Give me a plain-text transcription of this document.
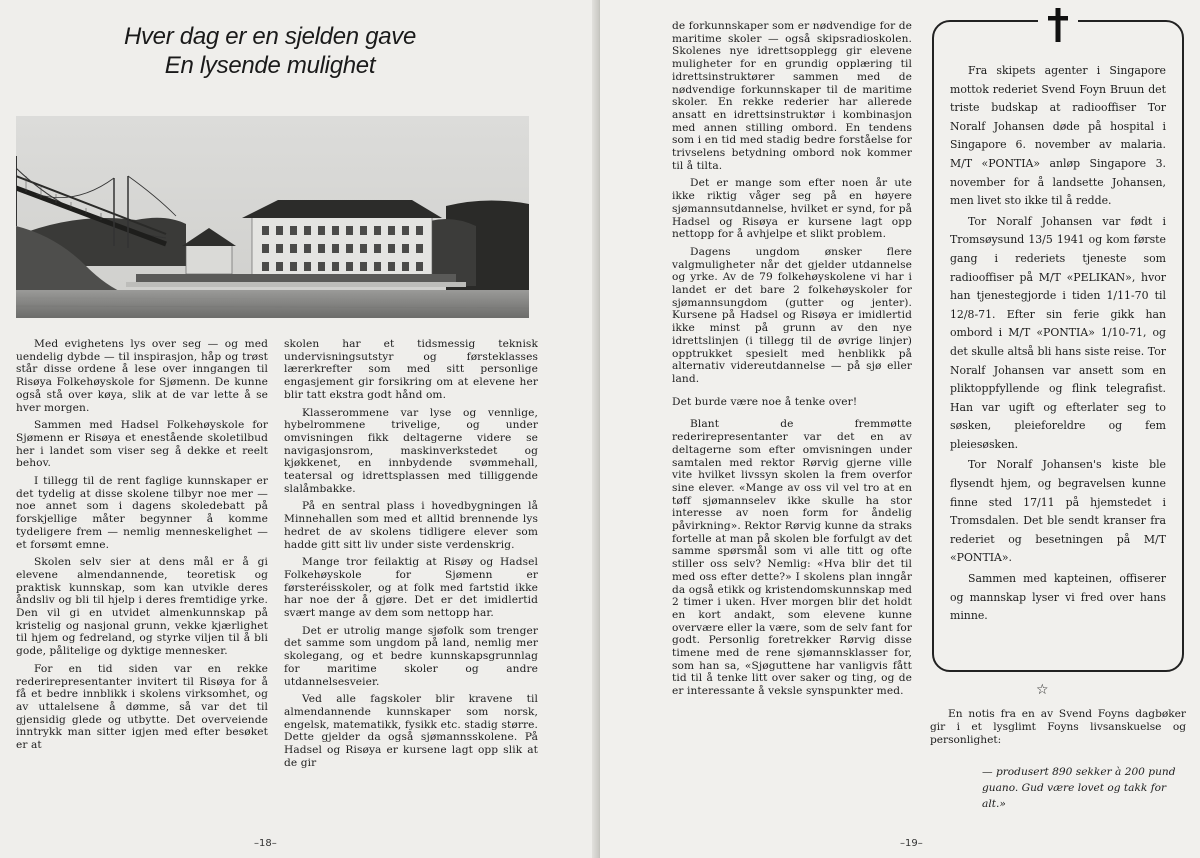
Hver dag er en sjelden gave
En lysende mulighet

Med evighetens lys over seg — og med uendelig dybde — til inspirasjon, håp og trøst står disse ordene å lese over inngangen til Risøya Folkehøyskole for Sjømenn. De kunne også stå over køya, slik at de var lette å se hver morgen.

Sammen med Hadsel Folkehøyskole for Sjømenn er Risøya et enestående skoletilbud her i landet som viser seg å dekke et reelt behov.

I tillegg til de rent faglige kunnskaper er det tydelig at disse skolene tilbyr noe mer — noe annet som i dagens skoledebatt på forskjellige måter begynner å komme tydeligere frem — nemlig menneskelighet — et forsømt emne.

Skolen selv sier at dens mål er å gi elevene almendannende, teoretisk og praktisk kunnskap, som kan utvikle deres åndsliv og bli til hjelp i deres fremtidige yrke. Den vil gi en utvidet almenkunnskap på kristelig og nasjonal grunn, vekke kjærlighet til hjem og fedreland, og styrke viljen til å bli gode, pålitelige og dyktige mennesker.

For en tid siden var en rekke rederirepresentanter invitert til Risøya for å få et bedre innblikk i skolens virksomhet, og av uttalelsene å dømme, så var det til gjensidig glede og utbytte. Det overveiende inntrykk man sitter igjen med efter besøket er at

skolen har et tidsmessig teknisk undervisningsutstyr og førsteklasses lærerkrefter som med sitt personlige engasjement gir forsikring om at elevene her blir tatt ekstra godt hånd om.

Klasserommene var lyse og vennlige, hybelrommene trivelige, og under omvisningen fikk deltagerne videre se navigasjonsrom, maskinverkstedet og kjøkkenet, en innbydende svømmehall, teatersal og idrettsplassen med tilliggende slalåmbakke.

På en sentral plass i hovedbygningen lå Minnehallen som med et alltid brennende lys hedret de av skolens tidligere elever som hadde gitt sitt liv under siste verdenskrig.

Mange tror feilaktig at Risøy og Hadsel Folkehøyskole for Sjømenn er førsteréisskoler, og at folk med fartstid ikke har noe der å gjøre. Det er det imidlertid svært mange av dem som nettopp har.

Det er utrolig mange sjøfolk som trenger det samme som ungdom på land, nemlig mer skolegang, og et bedre kunnskapsgrunnlag for maritime skoler og andre utdannelsesveier.

Ved alle fagskoler blir kravene til almendannende kunnskaper som norsk, engelsk, matematikk, fysikk etc. stadig større. Dette gjelder da også sjømannsskolene. På Hadsel og Risøya er kursene lagt opp slik at de gir

–18–	–19–

de forkunnskaper som er nødvendige for de maritime skoler — også skipsradioskolen. Skolenes nye idrettsopplegg gir elevene muligheter for en grundig opplæring til idrettsinstruktører sammen med de nødvendige forkunnskaper til de maritime skoler. En rekke rederier har allerede ansatt en idrettsinstruktør i kombinasjon med annen stilling ombord. En tendens som i en tid med stadig bedre forståelse for trivselens betydning ombord nok kommer til å tilta.

Det er mange som efter noen år ute ikke riktig våger seg på en høyere sjømannsutdannelse, hvilket er synd, for på Hadsel og Risøya er kursene lagt opp nettopp for å avhjelpe et slikt problem.

Dagens ungdom ønsker flere valgmuligheter når det gjelder utdannelse og yrke. Av de 79 folkehøyskolene vi har i landet er det bare 2 folkehøyskoler for sjømannsungdom (gutter og jenter). Kursene på Hadsel og Risøya er imidlertid ikke minst på grunn av den nye idrettslinjen (i tillegg til de øvrige linjer) opptrukket spesielt med henblikk på alternativ videreutdannelse — på sjø eller land.

Det burde være noe å tenke over!

Blant de fremmøtte rederirepresentanter var det en av deltagerne som efter omvisningen under samtalen med rektor Rørvig gjerne ville vite hvilket livssyn skolen la frem overfor sine elever. «Mange av oss vil vel tro at en tøff sjømannselev ikke skulle ha stor interesse av noen form for åndelig påvirkning». Rektor Rørvig kunne da straks fortelle at man på skolen ble forfulgt av det samme spørsmål som vi alle titt og ofte stiller oss selv? Nemlig: «Hva blir det til med oss efter dette?» I skolens plan inngår da også etikk og kristendomskunnskap med 2 timer i uken. Hver morgen blir det holdt en kort andakt, som elevene kunne overvære eller la være, som de selv fant for godt. Personlig foretrekker Rørvig disse timene med de rene sjømannsklasser for, som han sa, «Sjøguttene har vanligvis fått tid til å tenke litt over saker og ting, og de er interessante å veksle synspunkter med.

Fra skipets agenter i Singapore mottok rederiet Svend Foyn Bruun det triste budskap at radiooffiser Tor Noralf Johansen døde på hospital i Singapore 6. november av malaria. M/T «PONTIA» anløp Singapore 3. november for å landsette Johansen, men livet sto ikke til å redde.

Tor Noralf Johansen var født i Tromsøysund 13/5 1941 og kom første gang i rederiets tjeneste som radiooffiser på M/T «PELIKAN», hvor han tjenestegjorde i tiden 1/11-70 til 12/8-71. Efter sin ferie gikk han ombord i M/T «PONTIA» 1/10-71, og det skulle altså bli hans siste reise. Tor Noralf Johansen var ansett som en pliktoppfyllende og flink telegrafist. Han var ugift og efterlater seg to søsken, pleieforeldre og fem pleiesøsken.

Tor Noralf Johansen's kiste ble flysendt hjem, og begravelsen kunne finne sted 17/11 på hjemstedet i Tromsdalen. Det ble sendt kranser fra rederiet og besetningen på M/T «PONTIA».

Sammen med kapteinen, offiserer og mannskap lyser vi fred over hans minne.

☆

En notis fra en av Svend Foyns dagbøker gir i et lysglimt Foyns livsanskuelse og personlighet:

— produsert 890 sekker à 200 pund guano. Gud være lovet og takk for alt.»
